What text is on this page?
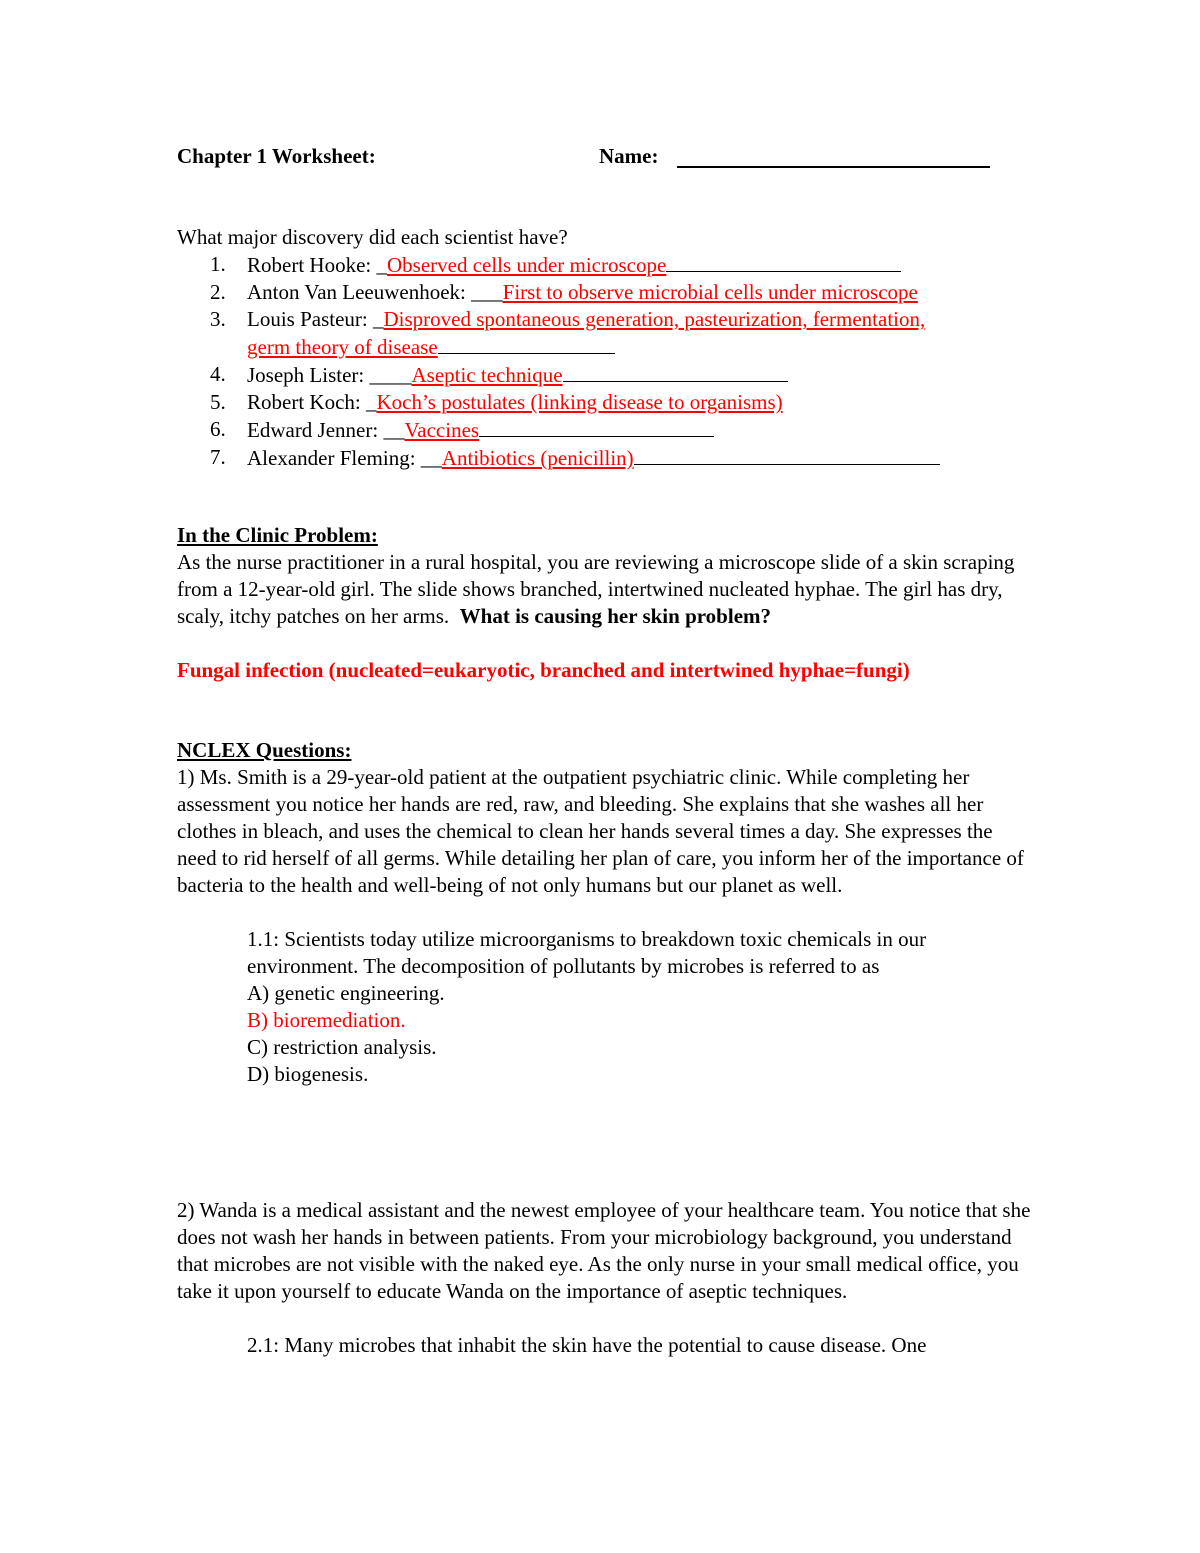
Chapter 1 Worksheet:	Name:
What major discovery did each scientist have?
1. Robert Hooke: _Observed cells under microscope
2. Anton Van Leeuwenhoek: ___First to observe microbial cells under microscope
3. Louis Pasteur: _Disproved spontaneous generation, pasteurization, fermentation,
germ theory of disease
4. Joseph Lister: ____Aseptic technique
5. Robert Koch: _Koch’s postulates (linking disease to organisms)
6. Edward Jenner: __Vaccines
7. Alexander Fleming: __Antibiotics (penicillin)
In the Clinic Problem:
As the nurse practitioner in a rural hospital, you are reviewing a microscope slide of a skin scraping from a 12-year-old girl. The slide shows branched, intertwined nucleated hyphae. The girl has dry, scaly, itchy patches on her arms. What is causing her skin problem?
Fungal infection (nucleated=eukaryotic, branched and intertwined hyphae=fungi)
NCLEX Questions:
1) Ms. Smith is a 29-year-old patient at the outpatient psychiatric clinic. While completing her assessment you notice her hands are red, raw, and bleeding. She explains that she washes all her clothes in bleach, and uses the chemical to clean her hands several times a day. She expresses the need to rid herself of all germs. While detailing her plan of care, you inform her of the importance of bacteria to the health and well-being of not only humans but our planet as well.
1.1: Scientists today utilize microorganisms to breakdown toxic chemicals in our environment. The decomposition of pollutants by microbes is referred to as
A) genetic engineering.
B) bioremediation.
C) restriction analysis.
D) biogenesis.
2) Wanda is a medical assistant and the newest employee of your healthcare team. You notice that she does not wash her hands in between patients. From your microbiology background, you understand that microbes are not visible with the naked eye. As the only nurse in your small medical office, you take it upon yourself to educate Wanda on the importance of aseptic techniques.
2.1: Many microbes that inhabit the skin have the potential to cause disease. One
